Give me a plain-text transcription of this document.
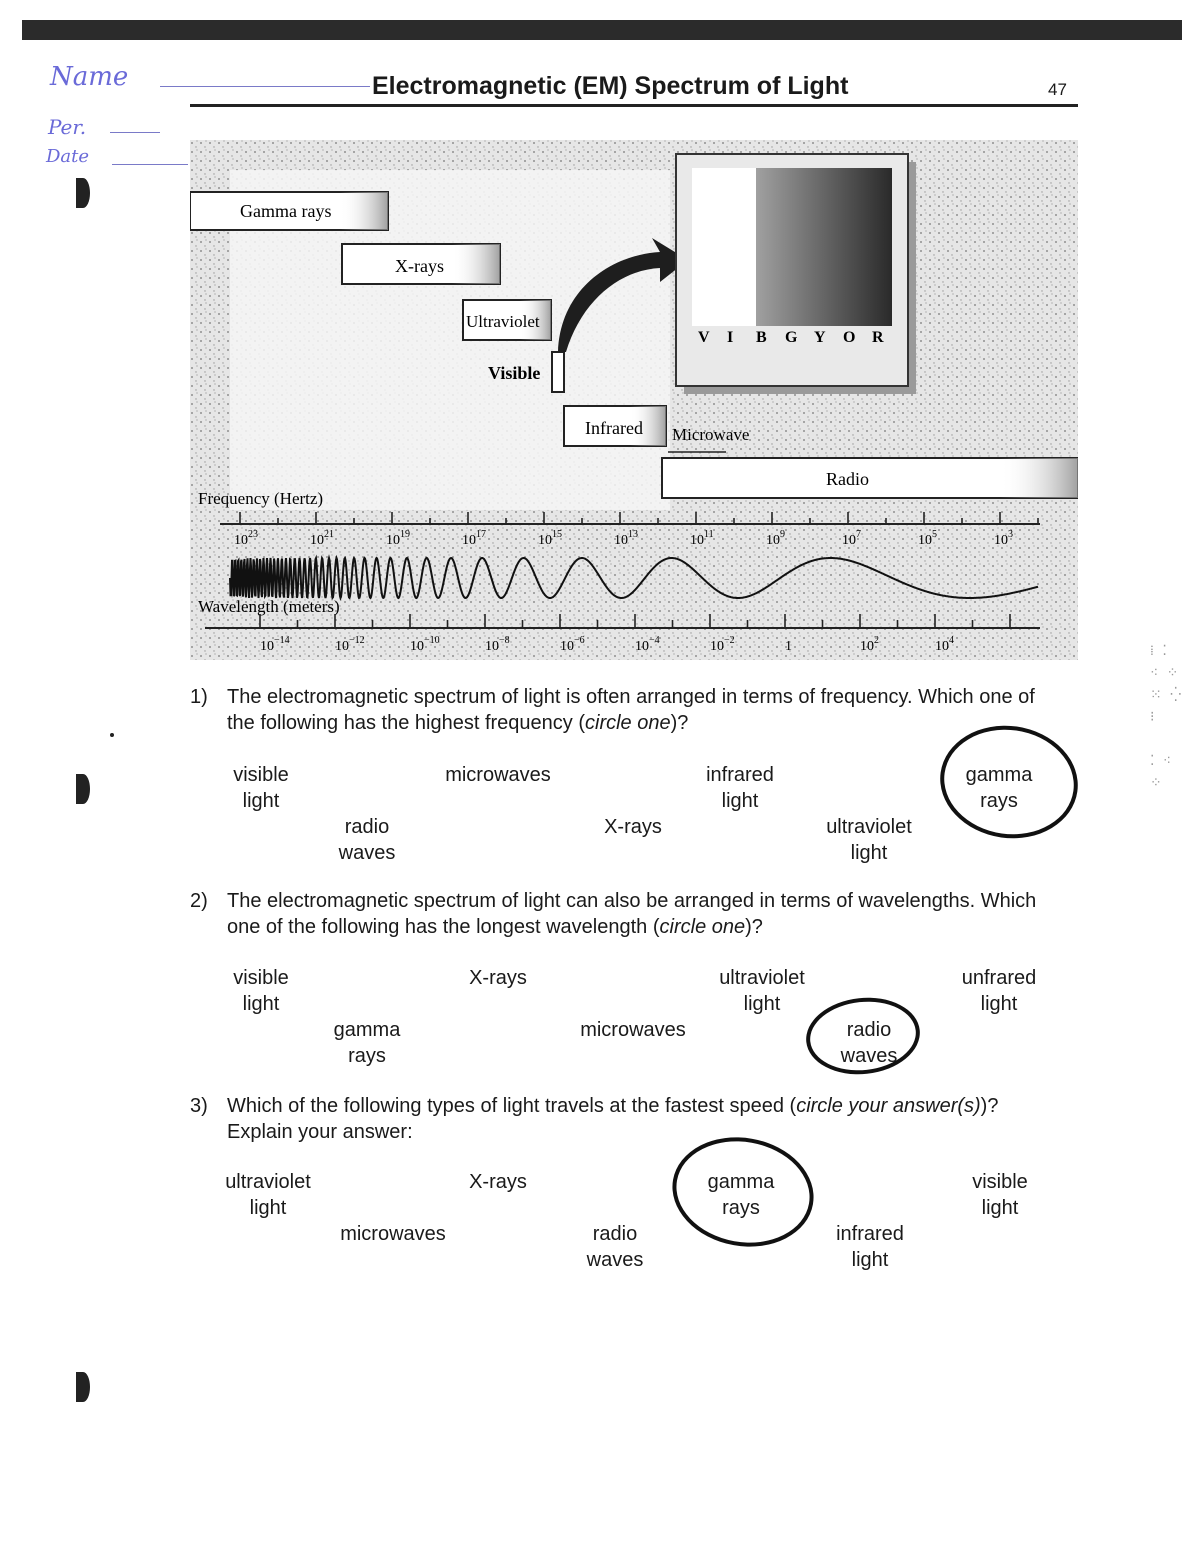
Name
Per.
Date
Electromagnetic (EM) Spectrum of Light	47
Gamma rays
X-rays
Ultraviolet
Visible
Infrared Microwave
Radio
V I B G Y O R
Frequency (Hertz)
$10^{23}$	$10^{21}$	$10^{19}$	$10^{17}$	$10^{15}$	$10^{13}$	$10^{11}$	$10^9$	$10^7$	$10^5$	$10^3$
Wavelength (meters)
$10^{-14}$	$10^{-12}$	$10^{-10}$	$10^{-8}$	$10^{-6}$	$10^{-4}$	$10^{-2}$	1	$10^2$	$10^4$
1) The electromagnetic spectrum of light is often arranged in terms of frequency. Which one of the following has the highest frequency (circle one)?
visible
light
microwaves	infrared
light
gamma
rays
radio
waves
X-rays	ultraviolet
light
2) The electromagnetic spectrum of light can also be arranged in terms of wavelengths. Which one of the following has the longest wavelength (circle one)?
visible
light
X-rays	ultraviolet
light
unfrared
light
gamma
rays
microwaves	radio
waves
3) Which of the following types of light travels at the fastest speed (circle your answer(s))? Explain your answer:
ultraviolet
light
X-rays	gamma
rays
visible
light
microwaves	radio
waves
infrared
light
⁞ ⁚
⁖ ⁘
⁙ ⁛
⁝

⁚ ⁖
⁘
